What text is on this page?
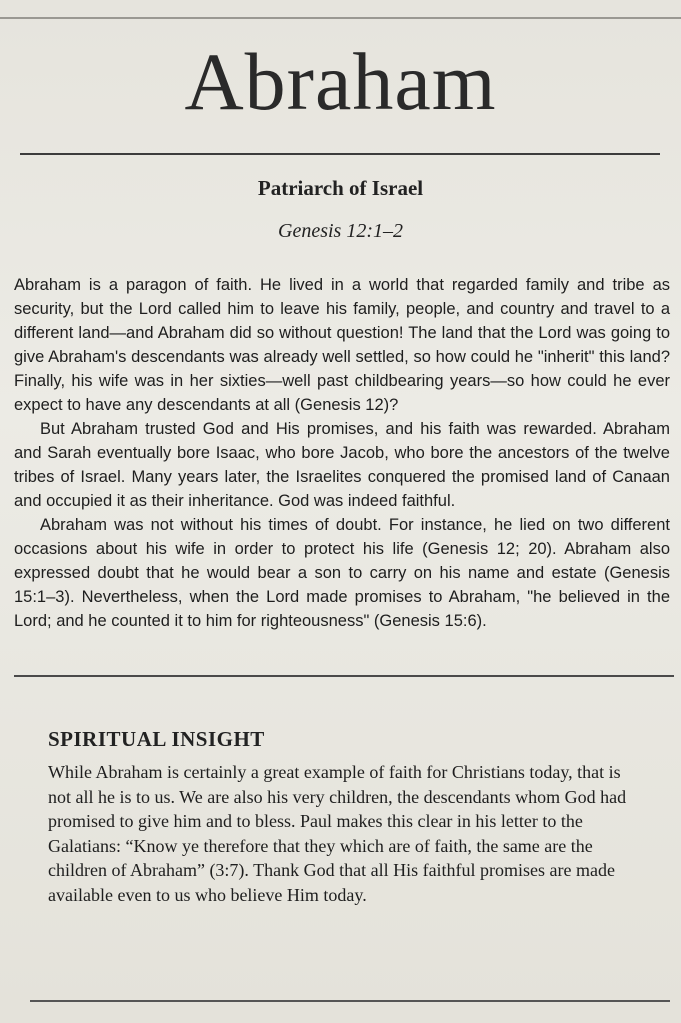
Abraham
Patriarch of Israel
Genesis 12:1–2

Abraham is a paragon of faith. He lived in a world that regarded family and tribe as security, but the Lord called him to leave his family, people, and country and travel to a different land—and Abraham did so without question! The land that the Lord was going to give Abraham's descendants was already well settled, so how could he "inherit" this land? Finally, his wife was in her sixties—well past childbearing years—so how could he ever expect to have any descendants at all (Genesis 12)?

But Abraham trusted God and His promises, and his faith was rewarded. Abraham and Sarah eventually bore Isaac, who bore Jacob, who bore the ancestors of the twelve tribes of Israel. Many years later, the Israelites conquered the promised land of Canaan and occupied it as their inheritance. God was indeed faithful.

Abraham was not without his times of doubt. For instance, he lied on two different occasions about his wife in order to protect his life (Genesis 12; 20). Abraham also expressed doubt that he would bear a son to carry on his name and estate (Genesis 15:1–3). Nevertheless, when the Lord made promises to Abraham, "he believed in the Lord; and he counted it to him for righteousness" (Genesis 15:6).

SPIRITUAL INSIGHT

While Abraham is certainly a great example of faith for Christians today, that is not all he is to us. We are also his very children, the descendants whom God had promised to give him and to bless. Paul makes this clear in his letter to the Galatians: “Know ye therefore that they which are of faith, the same are the children of Abraham” (3:7). Thank God that all His faithful promises are made available even to us who believe Him today.
